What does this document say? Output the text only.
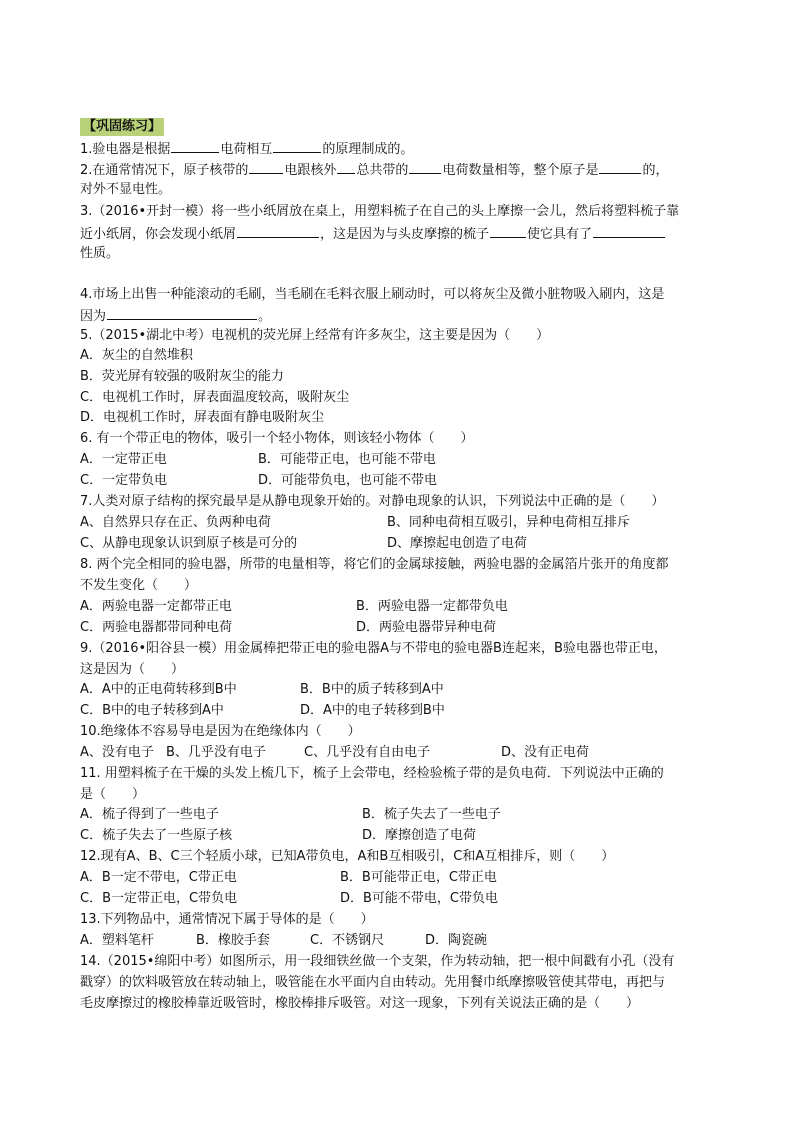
【巩固练习】
1.验电器是根据	电荷相互	的原理制成的。
2.在通常情况下，原子核带的	电跟核外 总共带的	电荷数量相等，整个原子是	的，
对外不显电性。
3.（2016•开封一模）将一些小纸屑放在桌上，用塑料梳子在自己的头上摩擦一会儿，然后将塑料梳子靠
近小纸屑，你会发现小纸屑	，这是因为与头皮摩擦的梳子	使它具有了
性质。
4.市场上出售一种能滚动的毛刷，当毛刷在毛料衣服上刷动时，可以将灰尘及微小脏物吸入刷内，这是
因为	。
5.（2015•湖北中考）电视机的荧光屏上经常有许多灰尘，这主要是因为（　　）
A．灰尘的自然堆积
B．荧光屏有较强的吸附灰尘的能力
C．电视机工作时，屏表面温度较高，吸附灰尘
D．电视机工作时，屏表面有静电吸附灰尘
6. 有一个带正电的物体，吸引一个轻小物体，则该轻小物体（　　）
A．一定带正电	B．可能带正电，也可能不带电
C．一定带负电	D．可能带负电，也可能不带电
7.人类对原子结构的探究最早是从静电现象开始的。对静电现象的认识，下列说法中正确的是（　　）
A、自然界只存在正、负两种电荷	B、同种电荷相互吸引，异种电荷相互排斥
C、从静电现象认识到原子核是可分的	D、摩擦起电创造了电荷
8. 两个完全相同的验电器，所带的电量相等，将它们的金属球接触，两验电器的金属箔片张开的角度都
不发生变化（　　）
A．两验电器一定都带正电	B．两验电器一定都带负电
C．两验电器都带同种电荷	D．两验电器带异种电荷
9.（2016•阳谷县一模）用金属棒把带正电的验电器A与不带电的验电器B连起来，B验电器也带正电，
这是因为（　　）
A．A中的正电荷转移到B中	B．B中的质子转移到A中
C．B中的电子转移到A中	D．A中的电子转移到B中
10.绝缘体不容易导电是因为在绝缘体内（　　）
A、没有电子 B、几乎没有电子	C、几乎没有自由电子	D、没有正电荷
11. 用塑料梳子在干燥的头发上梳几下，梳子上会带电，经检验梳子带的是负电荷．下列说法中正确的
是（　　）
A．梳子得到了一些电子	B．梳子失去了一些电子
C．梳子失去了一些原子核	D．摩擦创造了电荷
12.现有A、B、C三个轻质小球，已知A带负电，A和B互相吸引，C和A互相排斥，则（　　）
A．B一定不带电，C带正电	B．B可能带正电，C带正电
C．B一定带正电，C带负电	D．B可能不带电，C带负电
13.下列物品中，通常情况下属于导体的是（　　）
A．塑料笔杆	B．橡胶手套	C．不锈钢尺	D．陶瓷碗
14.（2015•绵阳中考）如图所示，用一段细铁丝做一个支架，作为转动轴，把一根中间戳有小孔（没有
戳穿）的饮料吸管放在转动轴上，吸管能在水平面内自由转动。先用餐巾纸摩擦吸管使其带电，再把与
毛皮摩擦过的橡胶棒靠近吸管时，橡胶棒排斥吸管。对这一现象，下列有关说法正确的是（　　）
